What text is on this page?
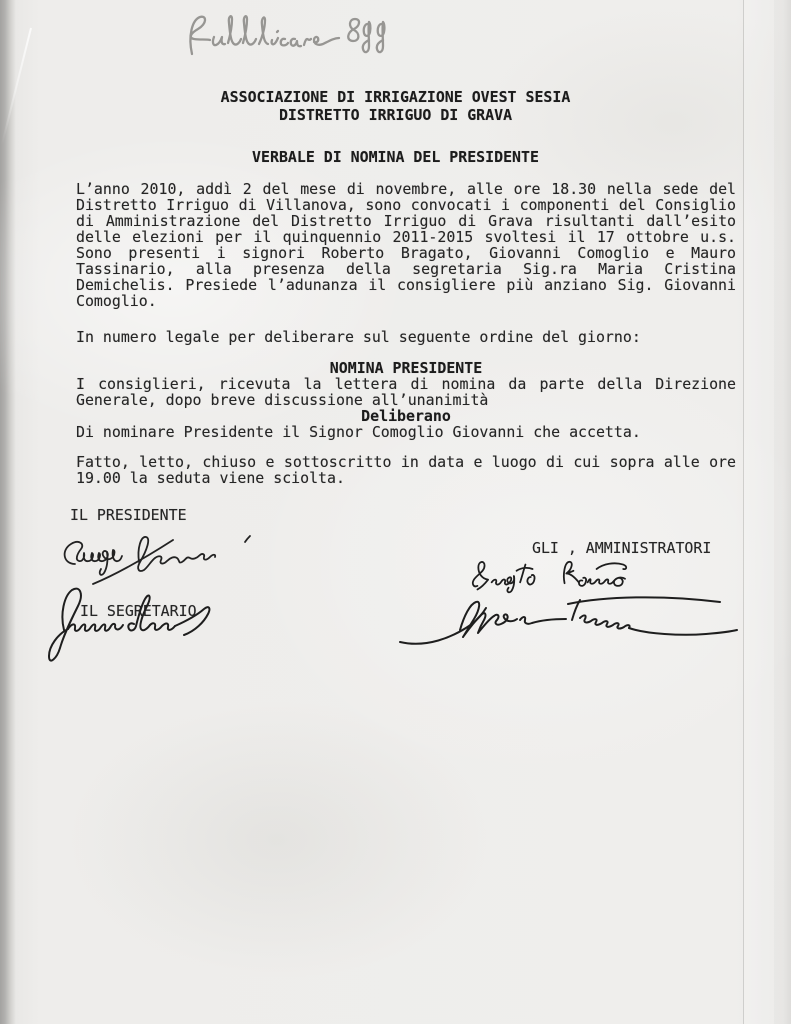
ASSOCIAZIONE DI IRRIGAZIONE OVEST SESIA
DISTRETTO IRRIGUO DI GRAVA
VERBALE DI NOMINA DEL PRESIDENTE
L’anno 2010, addì 2 del mese di novembre, alle ore 18.30 nella sede del
Distretto Irriguo di Villanova, sono convocati i componenti del Consiglio
di Amministrazione del Distretto Irriguo di Grava risultanti dall’esito
delle elezioni per il quinquennio 2011-2015 svoltesi il 17 ottobre u.s.
Sono presenti i signori Roberto Bragato, Giovanni Comoglio e Mauro
Tassinario, alla presenza della segretaria Sig.ra Maria Cristina
Demichelis. Presiede l’adunanza il consigliere più anziano Sig. Giovanni
Comoglio.
In numero legale per deliberare sul seguente ordine del giorno:
NOMINA PRESIDENTE
I consiglieri, ricevuta la lettera di nomina da parte della Direzione
Generale, dopo breve discussione all’unanimità
Deliberano
Di nominare Presidente il Signor Comoglio Giovanni che accetta.
Fatto, letto, chiuso e sottoscritto in data e luogo di cui sopra alle ore
19.00 la seduta viene sciolta.
IL PRESIDENTE
GLI , AMMINISTRATORI
IL SEGRETARIO
